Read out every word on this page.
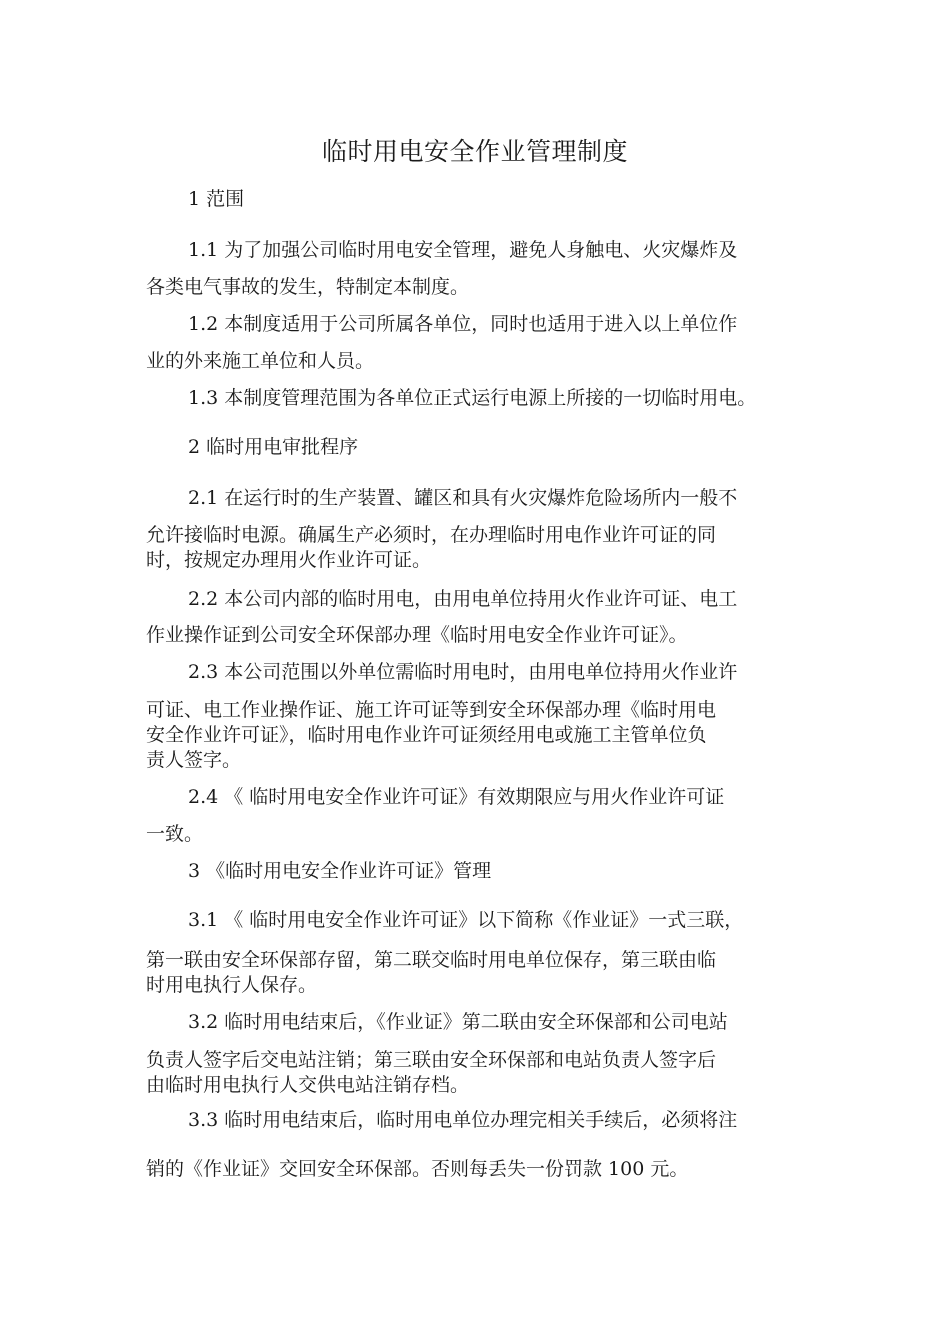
临时用电安全作业管理制度
1 范围
1.1 为了加强公司临时用电安全管理，避免人身触电、火灾爆炸及
各类电气事故的发生，特制定本制度。
1.2 本制度适用于公司所属各单位，同时也适用于进入以上单位作
业的外来施工单位和人员。
1.3 本制度管理范围为各单位正式运行电源上所接的一切临时用电。
2 临时用电审批程序
2.1 在运行时的生产装置、罐区和具有火灾爆炸危险场所内一般不
允许接临时电源。确属生产必须时，在办理临时用电作业许可证的同
时，按规定办理用火作业许可证。
2.2 本公司内部的临时用电，由用电单位持用火作业许可证、电工
作业操作证到公司安全环保部办理《临时用电安全作业许可证》。
2.3 本公司范围以外单位需临时用电时，由用电单位持用火作业许
可证、电工作业操作证、施工许可证等到安全环保部办理《临时用电
安全作业许可证》，临时用电作业许可证须经用电或施工主管单位负
责人签字。
2.4 《 临时用电安全作业许可证》有效期限应与用火作业许可证
一致。
3 《临时用电安全作业许可证》管理
3.1 《 临时用电安全作业许可证》以下简称《作业证》一式三联，
第一联由安全环保部存留，第二联交临时用电单位保存，第三联由临
时用电执行人保存。
3.2 临时用电结束后，《作业证》第二联由安全环保部和公司电站
负责人签字后交电站注销；第三联由安全环保部和电站负责人签字后
由临时用电执行人交供电站注销存档。
3.3 临时用电结束后，临时用电单位办理完相关手续后，必须将注
销的《作业证》交回安全环保部。否则每丢失一份罚款 100 元。
